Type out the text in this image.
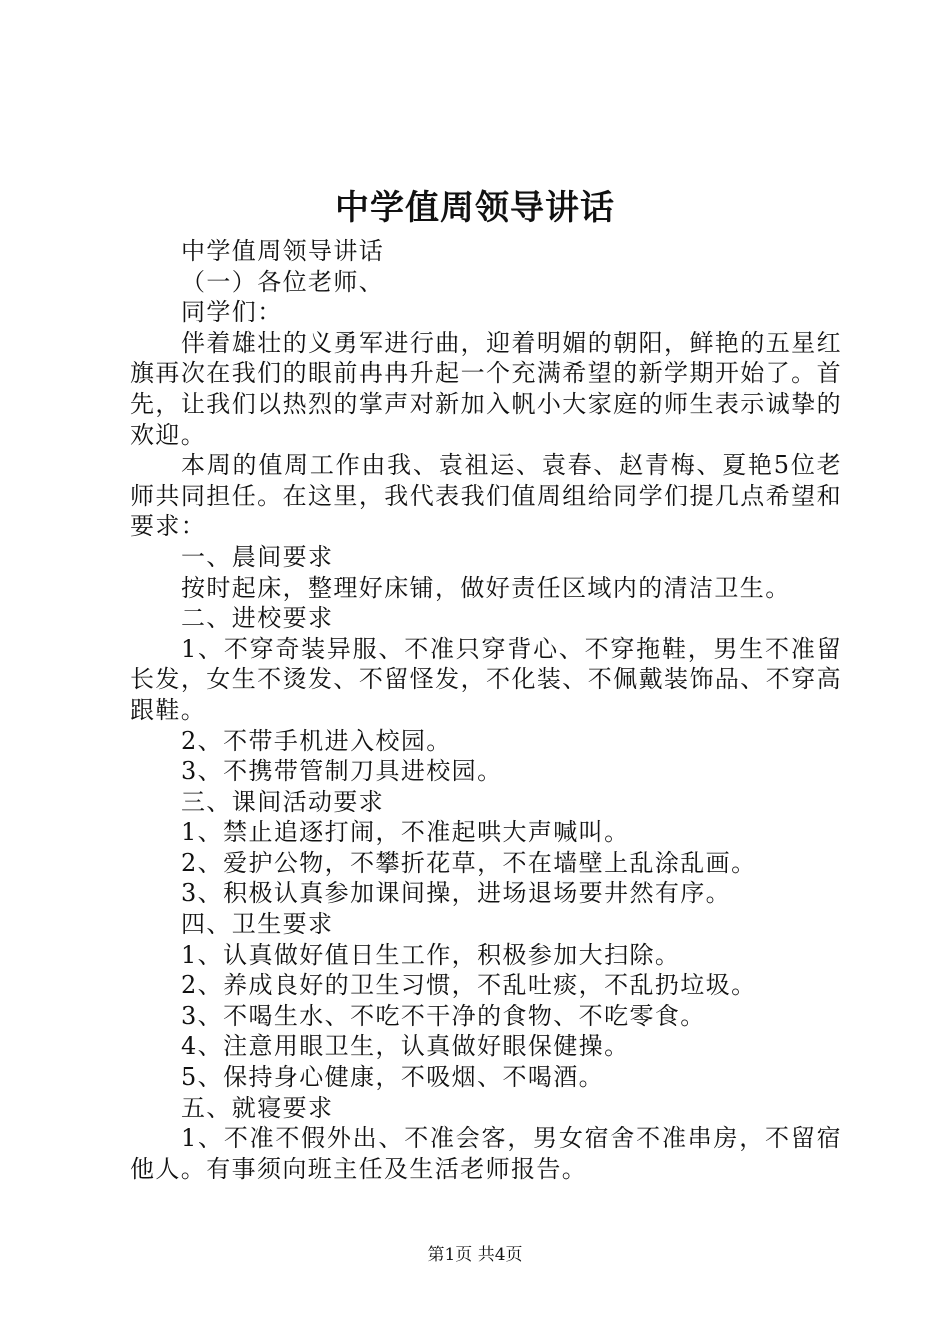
中学值周领导讲话

中学值周领导讲话

（一）各位老师、

同学们：

伴着雄壮的义勇军进行曲，迎着明媚的朝阳，鲜艳的五星红旗再次在我们的眼前冉冉升起一个充满希望的新学期开始了。首先，让我们以热烈的掌声对新加入帆小大家庭的师生表示诚挚的欢迎。

本周的值周工作由我、袁祖运、袁春、赵青梅、夏艳5位老师共同担任。在这里，我代表我们值周组给同学们提几点希望和要求：

一、晨间要求

按时起床，整理好床铺，做好责任区域内的清洁卫生。

二、进校要求

1、不穿奇装异服、不准只穿背心、不穿拖鞋，男生不准留长发，女生不烫发、不留怪发，不化装、不佩戴装饰品、不穿高跟鞋。

2、不带手机进入校园。

3、不携带管制刀具进校园。

三、课间活动要求

1、禁止追逐打闹，不准起哄大声喊叫。

2、爱护公物，不攀折花草，不在墙壁上乱涂乱画。

3、积极认真参加课间操，进场退场要井然有序。

四、卫生要求

1、认真做好值日生工作，积极参加大扫除。

2、养成良好的卫生习惯，不乱吐痰，不乱扔垃圾。

3、不喝生水、不吃不干净的食物、不吃零食。

4、注意用眼卫生，认真做好眼保健操。

5、保持身心健康，不吸烟、不喝酒。

五、就寝要求

1、不准不假外出、不准会客，男女宿舍不准串房，不留宿他人。有事须向班主任及生活老师报告。

第1页 共4页
